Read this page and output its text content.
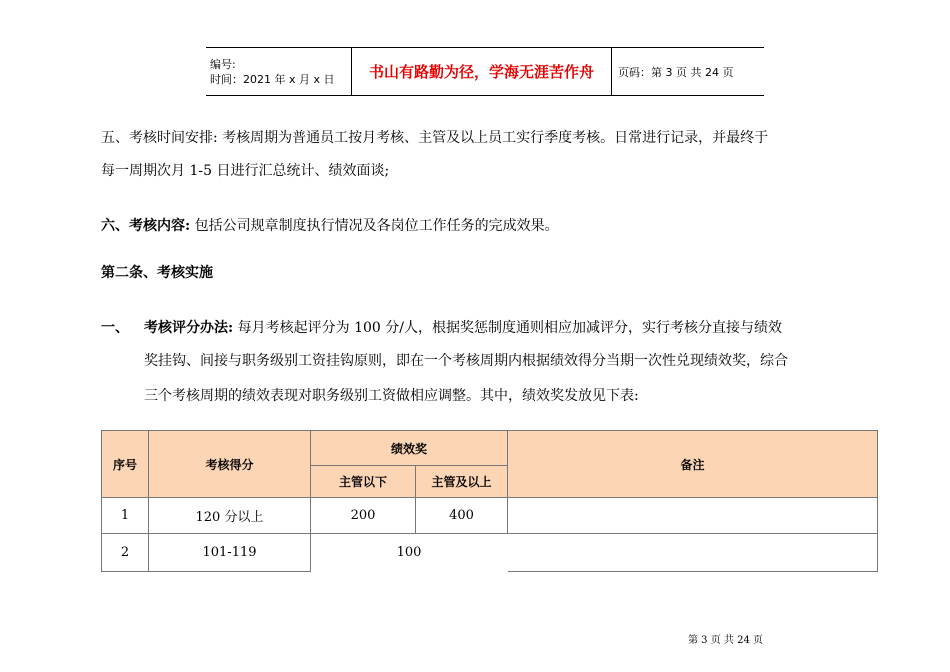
编号:
时间：2021 年 x 月 x 日	书山有路勤为径，学海无涯苦作舟	页码：第 3 页 共 24 页
五、考核时间安排: 考核周期为普通员工按月考核、主管及以上员工实行季度考核。日常进行记录，并最终于
每一周期次月 1-5 日进行汇总统计、绩效面谈;
六、考核内容: 包括公司规章制度执行情况及各岗位工作任务的完成效果。
第二条、考核实施
一、 考核评分办法: 每月考核起评分为 100 分/人，根据奖惩制度通则相应加减评分，实行考核分直接与绩效
奖挂钩、间接与职务级别工资挂钩原则，即在一个考核周期内根据绩效得分当期一次性兑现绩效奖，综合
三个考核周期的绩效表现对职务级别工资做相应调整。其中，绩效奖发放见下表:
序号	考核得分	绩效奖		备注
		主管以下	主管及以上	
1	120 分以上	200	400	
2	101-119	100		
第 3 页 共 24 页
